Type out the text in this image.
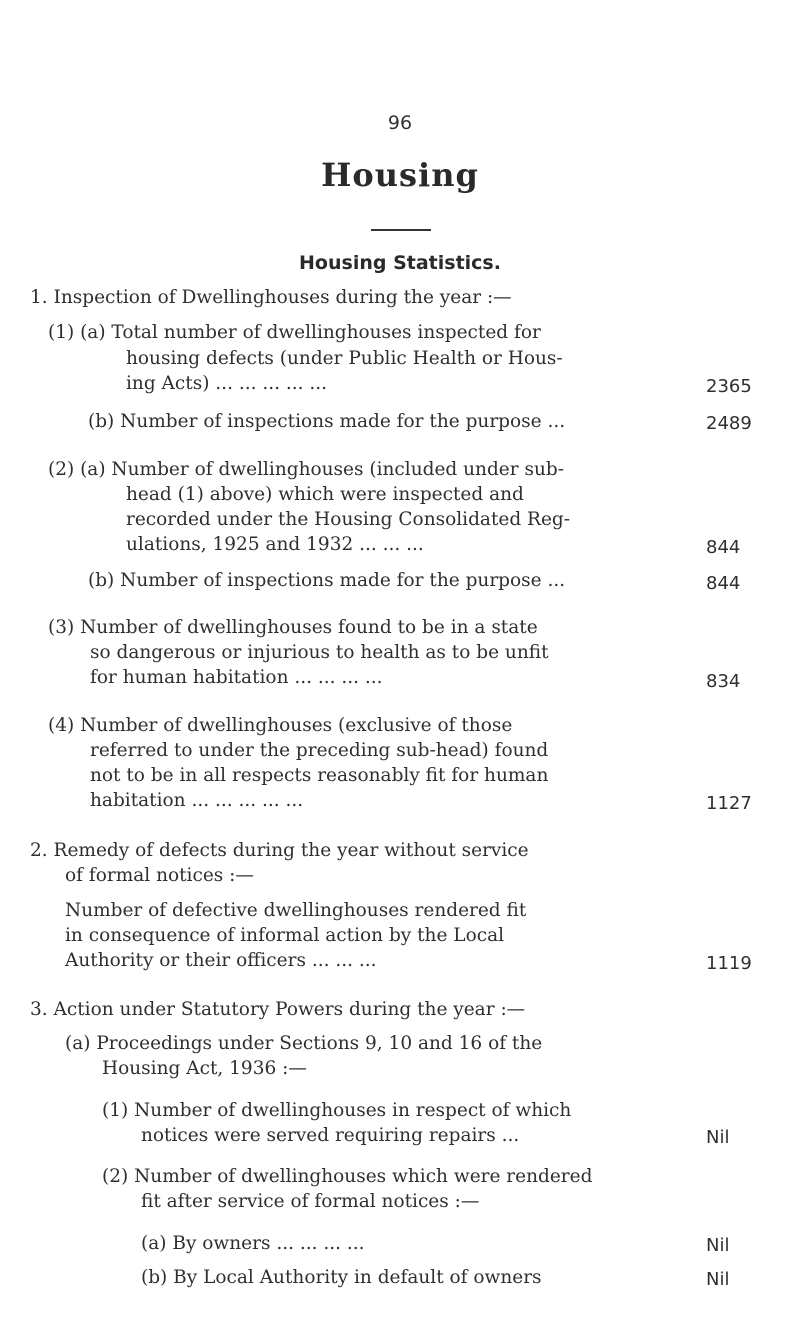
96
Housing
Housing Statistics.
1. Inspection of Dwellinghouses during the year :—
(1) (a) Total number of dwellinghouses inspected for
housing defects (under Public Health or Hous-
ing Acts) ... ... ... ... ...	2365
(b) Number of inspections made for the purpose ...	2489
(2) (a) Number of dwellinghouses (included under sub-
head (1) above) which were inspected and
recorded under the Housing Consolidated Reg-
ulations, 1925 and 1932 ... ... ...	844
(b) Number of inspections made for the purpose ...	844
(3) Number of dwellinghouses found to be in a state
so dangerous or injurious to health as to be unfit
for human habitation ... ... ... ...	834
(4) Number of dwellinghouses (exclusive of those
referred to under the preceding sub-head) found
not to be in all respects reasonably fit for human
habitation ... ... ... ... ...	1127
2. Remedy of defects during the year without service
of formal notices :—
Number of defective dwellinghouses rendered fit
in consequence of informal action by the Local
Authority or their officers ... ... ...	1119
3. Action under Statutory Powers during the year :—
(a) Proceedings under Sections 9, 10 and 16 of the
Housing Act, 1936 :—
(1) Number of dwellinghouses in respect of which
notices were served requiring repairs ...	Nil
(2) Number of dwellinghouses which were rendered
fit after service of formal notices :—
(a) By owners ... ... ... ...	Nil
(b) By Local Authority in default of owners	Nil
